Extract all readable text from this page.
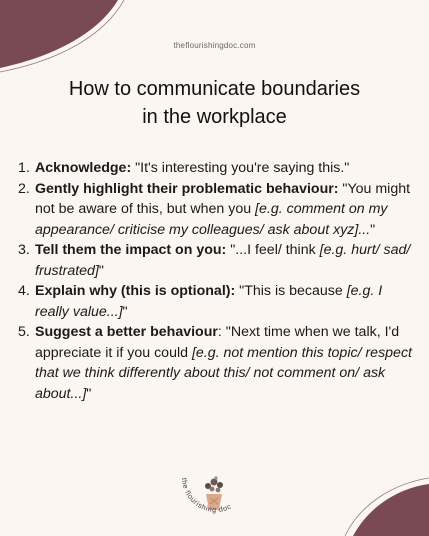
theflourishingdoc.com
How to communicate boundaries
in the workplace
1. Acknowledge: "It's interesting you're saying this."
2. Gently highlight their problematic behaviour: "You might not be aware of this, but when you [e.g. comment on my appearance/ criticise my colleagues/ ask about xyz]..."
3. Tell them the impact on you: "...I feel/ think [e.g. hurt/ sad/ frustrated]"
4. Explain why (this is optional): "This is because [e.g. I really value...]"
5. Suggest a better behaviour: "Next time when we talk, I'd appreciate it if you could [e.g. not mention this topic/ respect that we think differently about this/ not comment on/ ask about...]"
the flourishing doc
